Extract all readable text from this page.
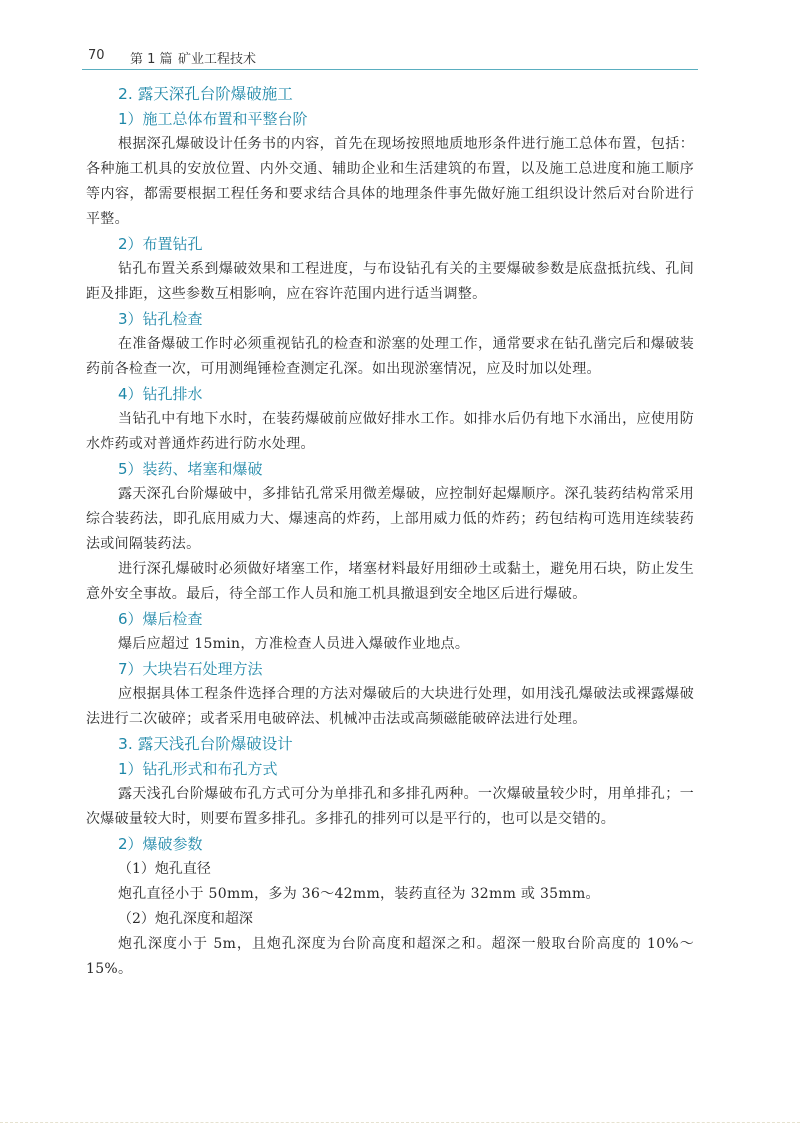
70 第 1 篇 矿业工程技术
2. 露天深孔台阶爆破施工
1）施工总体布置和平整台阶

根据深孔爆破设计任务书的内容，首先在现场按照地质地形条件进行施工总体布置，包括：各种施工机具的安放位置、内外交通、辅助企业和生活建筑的布置，以及施工总进度和施工顺序等内容，都需要根据工程任务和要求结合具体的地理条件事先做好施工组织设计然后对台阶进行平整。

2）布置钻孔

钻孔布置关系到爆破效果和工程进度，与布设钻孔有关的主要爆破参数是底盘抵抗线、孔间距及排距，这些参数互相影响，应在容许范围内进行适当调整。

3）钻孔检查

在准备爆破工作时必须重视钻孔的检查和淤塞的处理工作，通常要求在钻孔凿完后和爆破装药前各检查一次，可用测绳锤检查测定孔深。如出现淤塞情况，应及时加以处理。

4）钻孔排水

当钻孔中有地下水时，在装药爆破前应做好排水工作。如排水后仍有地下水涌出，应使用防水炸药或对普通炸药进行防水处理。

5）装药、堵塞和爆破

露天深孔台阶爆破中，多排钻孔常采用微差爆破，应控制好起爆顺序。深孔装药结构常采用综合装药法，即孔底用威力大、爆速高的炸药，上部用威力低的炸药；药包结构可选用连续装药法或间隔装药法。

进行深孔爆破时必须做好堵塞工作，堵塞材料最好用细砂土或黏土，避免用石块，防止发生意外安全事故。最后，待全部工作人员和施工机具撤退到安全地区后进行爆破。

6）爆后检查

爆后应超过 15min，方准检查人员进入爆破作业地点。

7）大块岩石处理方法

应根据具体工程条件选择合理的方法对爆破后的大块进行处理，如用浅孔爆破法或裸露爆破法进行二次破碎；或者采用电破碎法、机械冲击法或高频磁能破碎法进行处理。

3. 露天浅孔台阶爆破设计
1）钻孔形式和布孔方式

露天浅孔台阶爆破布孔方式可分为单排孔和多排孔两种。一次爆破量较少时，用单排孔；一次爆破量较大时，则要布置多排孔。多排孔的排列可以是平行的，也可以是交错的。

2）爆破参数
（1）炮孔直径

炮孔直径小于 50mm，多为 36～42mm，装药直径为 32mm 或 35mm。

（2）炮孔深度和超深

炮孔深度小于 5m，且炮孔深度为台阶高度和超深之和。超深一般取台阶高度的 10%～15%。
